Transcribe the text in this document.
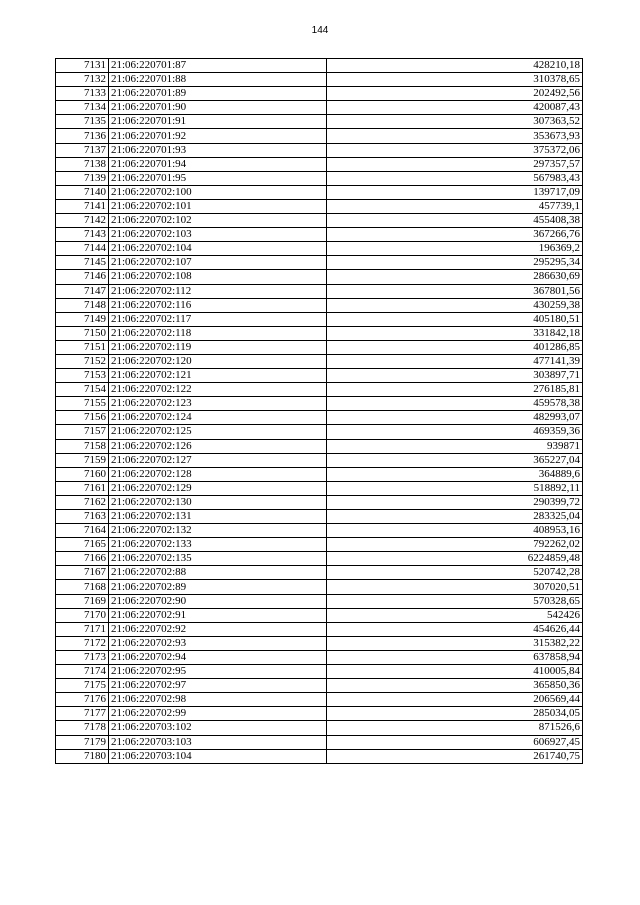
144
7131	21:06:220701:87	428210,18
7132	21:06:220701:88	310378,65
7133	21:06:220701:89	202492,56
7134	21:06:220701:90	420087,43
7135	21:06:220701:91	307363,52
7136	21:06:220701:92	353673,93
7137	21:06:220701:93	375372,06
7138	21:06:220701:94	297357,57
7139	21:06:220701:95	567983,43
7140	21:06:220702:100	139717,09
7141	21:06:220702:101	457739,1
7142	21:06:220702:102	455408,38
7143	21:06:220702:103	367266,76
7144	21:06:220702:104	196369,2
7145	21:06:220702:107	295295,34
7146	21:06:220702:108	286630,69
7147	21:06:220702:112	367801,56
7148	21:06:220702:116	430259,38
7149	21:06:220702:117	405180,51
7150	21:06:220702:118	331842,18
7151	21:06:220702:119	401286,85
7152	21:06:220702:120	477141,39
7153	21:06:220702:121	303897,71
7154	21:06:220702:122	276185,81
7155	21:06:220702:123	459578,38
7156	21:06:220702:124	482993,07
7157	21:06:220702:125	469359,36
7158	21:06:220702:126	939871
7159	21:06:220702:127	365227,04
7160	21:06:220702:128	364889,6
7161	21:06:220702:129	518892,11
7162	21:06:220702:130	290399,72
7163	21:06:220702:131	283325,04
7164	21:06:220702:132	408953,16
7165	21:06:220702:133	792262,02
7166	21:06:220702:135	6224859,48
7167	21:06:220702:88	520742,28
7168	21:06:220702:89	307020,51
7169	21:06:220702:90	570328,65
7170	21:06:220702:91	542426
7171	21:06:220702:92	454626,44
7172	21:06:220702:93	315382,22
7173	21:06:220702:94	637858,94
7174	21:06:220702:95	410005,84
7175	21:06:220702:97	365850,36
7176	21:06:220702:98	206569,44
7177	21:06:220702:99	285034,05
7178	21:06:220703:102	871526,6
7179	21:06:220703:103	606927,45
7180	21:06:220703:104	261740,75
